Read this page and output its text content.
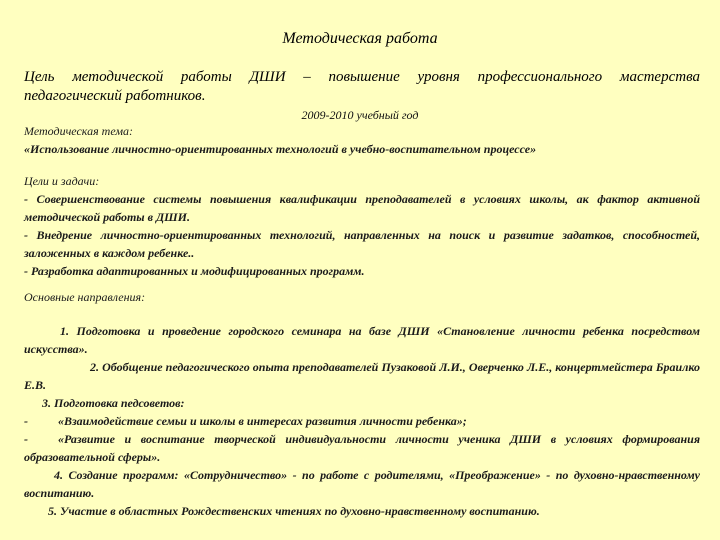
Методическая работа
Цель методической работы ДШИ – повышение уровня профессионального мастерства
педагогический работников.
2009-2010 учебный год
Методическая тема:
«Использование личностно-ориентированных технологий в учебно-воспитательном процессе»
Цели и задачи:
- Совершенствование системы повышения квалификации преподавателей в условиях школы, ак фактор активной методической работы в ДШИ.
- Внедрение личностно-ориентированных технологий, направленных на поиск и развитие задатков, способностей, заложенных в каждом ребенке..
- Разработка адаптированных и модифицированных программ.
Основные направления:
1. Подготовка и проведение городского семинара на базе ДШИ «Становление личности ребенка посредством искусства».
2. Обобщение педагогического опыта преподавателей Пузаковой Л.И., Оверченко Л.Е., концертмейстера Браилко Е.В.
3. Подготовка педсоветов:
-	«Взаимодействие семьи и школы в интересах развития личности ребенка»;
-	«Развитие и воспитание творческой индивидуальности личности ученика ДШИ в условиях формирования образовательной сферы».
4. Создание программ: «Сотрудничество» - по работе с родителями, «Преображение» - по духовно-нравственному воспитанию.
5. Участие в областных Рождественских чтениях по духовно-нравственному воспитанию.
